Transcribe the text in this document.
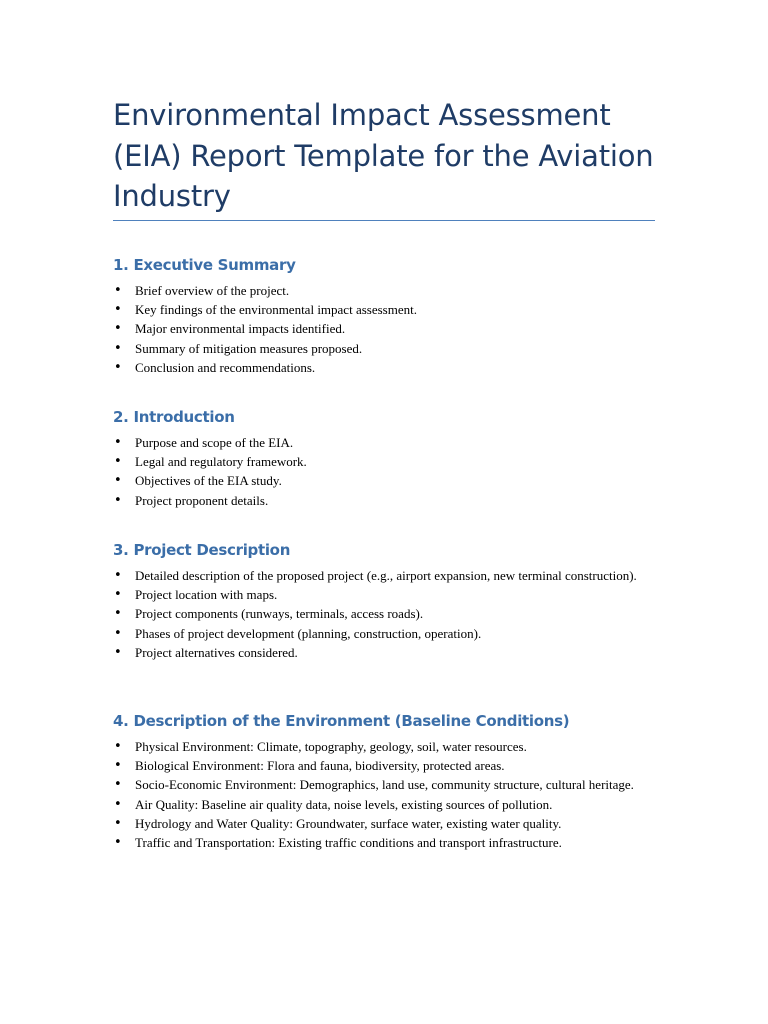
Environmental Impact Assessment (EIA) Report Template for the Aviation Industry
1. Executive Summary
• Brief overview of the project.
• Key findings of the environmental impact assessment.
• Major environmental impacts identified.
• Summary of mitigation measures proposed.
• Conclusion and recommendations.
2. Introduction
• Purpose and scope of the EIA.
• Legal and regulatory framework.
• Objectives of the EIA study.
• Project proponent details.
3. Project Description
• Detailed description of the proposed project (e.g., airport expansion, new terminal construction).
• Project location with maps.
• Project components (runways, terminals, access roads).
• Phases of project development (planning, construction, operation).
• Project alternatives considered.
4. Description of the Environment (Baseline Conditions)
• Physical Environment: Climate, topography, geology, soil, water resources.
• Biological Environment: Flora and fauna, biodiversity, protected areas.
• Socio-Economic Environment: Demographics, land use, community structure, cultural heritage.
• Air Quality: Baseline air quality data, noise levels, existing sources of pollution.
• Hydrology and Water Quality: Groundwater, surface water, existing water quality.
• Traffic and Transportation: Existing traffic conditions and transport infrastructure.
